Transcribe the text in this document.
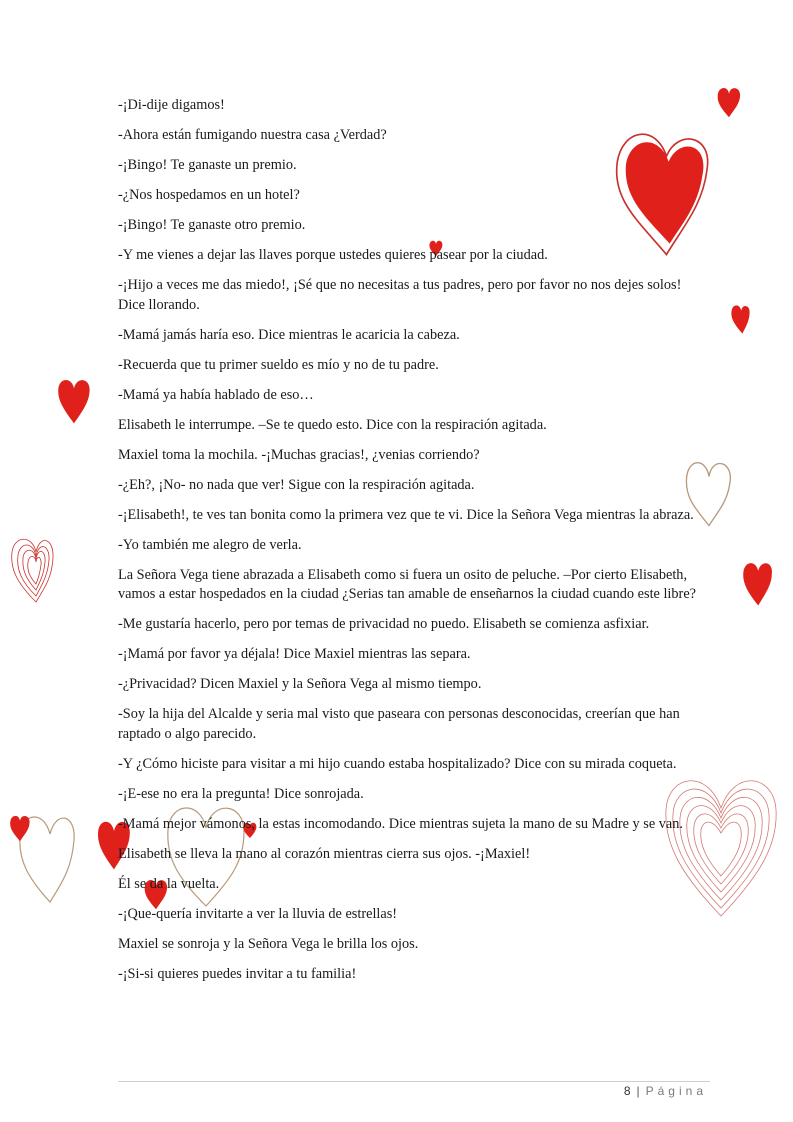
-¡Di-dije digamos!

-Ahora están fumigando nuestra casa ¿Verdad?

-¡Bingo! Te ganaste un premio.

-¿Nos hospedamos en un hotel?

-¡Bingo! Te ganaste otro premio.

-Y me vienes a dejar las llaves porque ustedes quieres pasear por la ciudad.

-¡Hijo a veces me das miedo!, ¡Sé que no necesitas a tus padres, pero por favor no nos dejes solos! Dice llorando.

-Mamá jamás haría eso. Dice mientras le acaricia la cabeza.

-Recuerda que tu primer sueldo es mío y no de tu padre.

-Mamá ya había hablado de eso…

Elisabeth le interrumpe. –Se te quedo esto. Dice con la respiración agitada.

Maxiel toma la mochila. -¡Muchas gracias!, ¿venias corriendo?

-¿Eh?, ¡No- no nada que ver! Sigue con la respiración agitada.

-¡Elisabeth!, te ves tan bonita como la primera vez que te vi. Dice la Señora Vega mientras la abraza.

-Yo también me alegro de verla.

La Señora Vega tiene abrazada a Elisabeth como si fuera un osito de peluche. –Por cierto Elisabeth, vamos a estar hospedados en la ciudad ¿Serias tan amable de enseñarnos la ciudad cuando este libre?

-Me gustaría hacerlo, pero por temas de privacidad no puedo. Elisabeth se comienza asfixiar.

-¡Mamá por favor ya déjala! Dice Maxiel mientras las separa.

-¿Privacidad? Dicen Maxiel y la Señora Vega al mismo tiempo.

-Soy la hija del Alcalde y seria mal visto que paseara con personas desconocidas, creerían que han raptado o algo parecido.

-Y ¿Cómo hiciste para visitar a mi hijo cuando estaba hospitalizado? Dice con su mirada coqueta.

-¡E-ese no era la pregunta! Dice sonrojada.

-Mamá mejor vámonos, la estas incomodando. Dice mientras sujeta la mano de su Madre y se van.

Elisabeth se lleva la mano al corazón mientras cierra sus ojos. -¡Maxiel!

Él se da la vuelta.

-¡Que-quería invitarte a ver la lluvia de estrellas!

Maxiel se sonroja y la Señora Vega le brilla los ojos.

-¡Si-si quieres puedes invitar a tu familia!

8 | Página
